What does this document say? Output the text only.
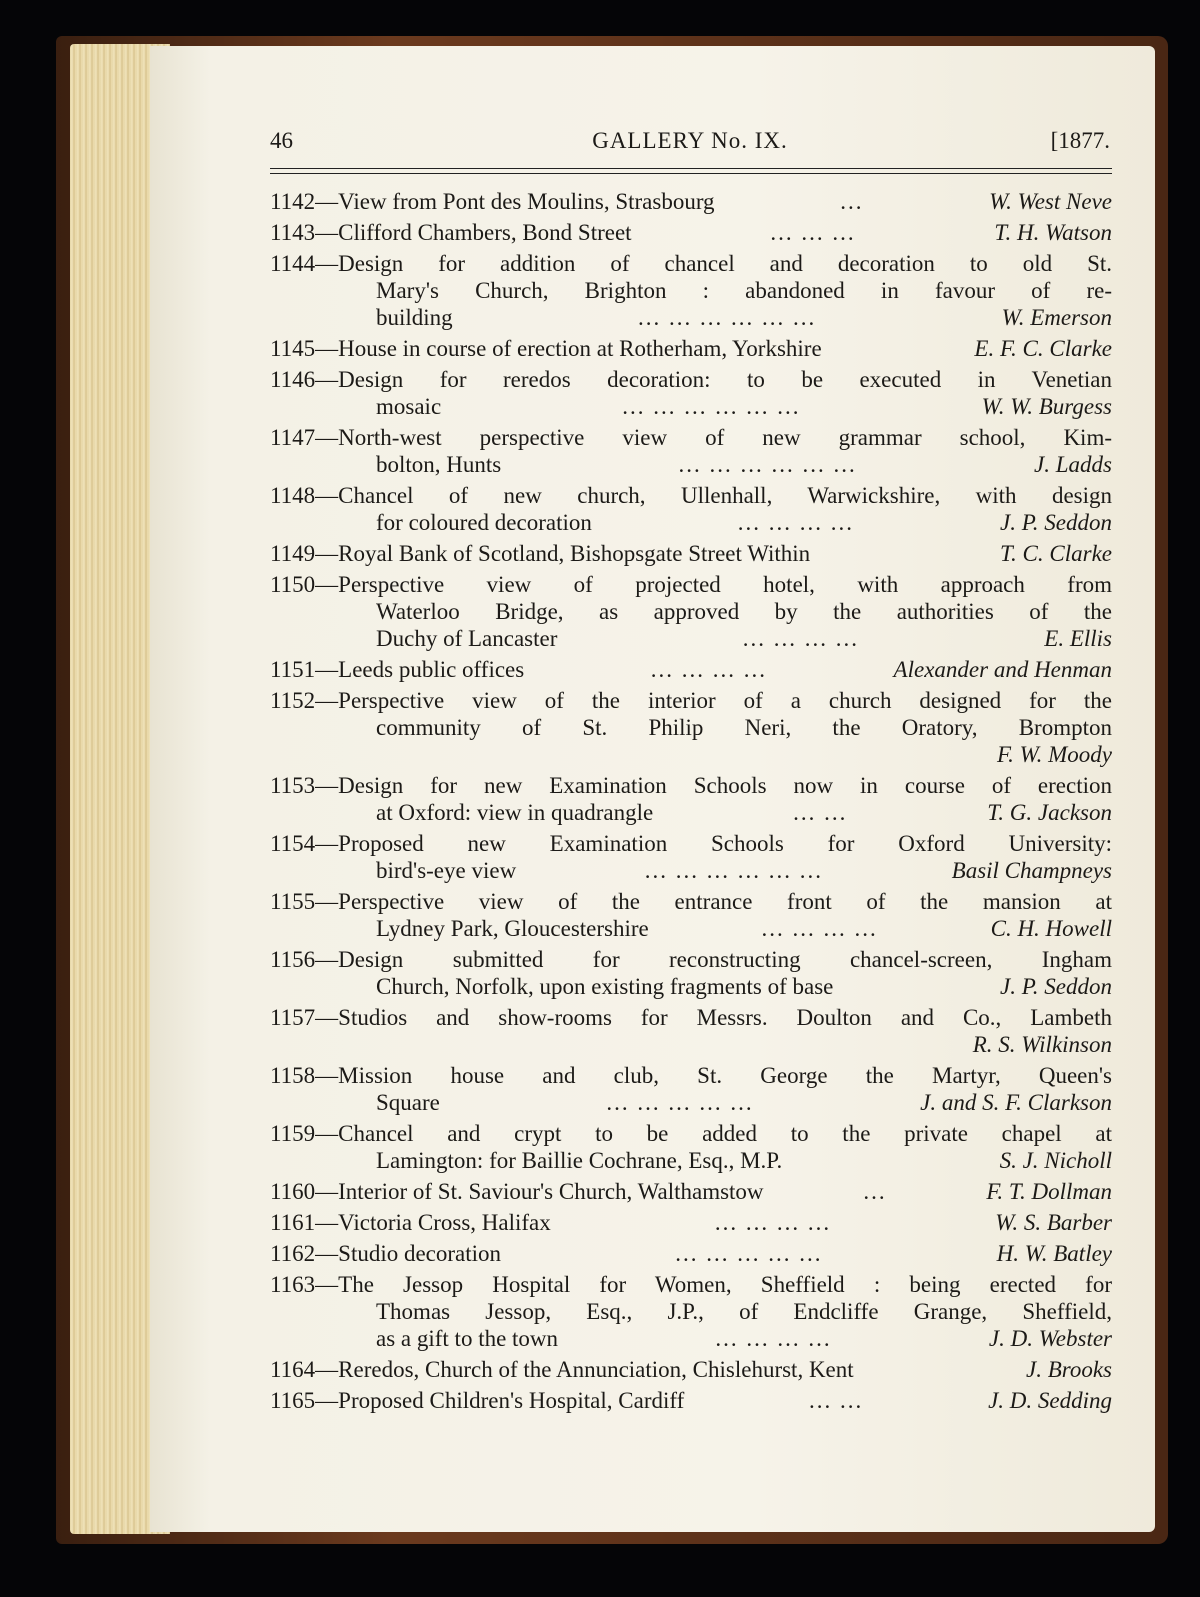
46	GALLERY No. IX.	[1877.
1142—View from Pont des Moulins, Strasbourg	...	W. West Neve
1143—Clifford Chambers, Bond Street	... ... ...	T. H. Watson
1144—Design for addition of chancel and decoration to old St.
Mary's Church, Brighton : abandoned in favour of re-
building	... ... ... ... ... ...	W. Emerson
1145—House in course of erection at Rotherham, Yorkshire	E. F. C. Clarke
1146—Design for reredos decoration: to be executed in Venetian
mosaic	... ... ... ... ... ...	W. W. Burgess
1147—North-west perspective view of new grammar school, Kim-
bolton, Hunts	... ... ... ... ... ...	J. Ladds
1148—Chancel of new church, Ullenhall, Warwickshire, with design
for coloured decoration	... ... ... ...	J. P. Seddon
1149—Royal Bank of Scotland, Bishopsgate Street Within	T. C. Clarke
1150—Perspective view of projected hotel, with approach from
Waterloo Bridge, as approved by the authorities of the
Duchy of Lancaster	... ... ... ...	E. Ellis
1151—Leeds public offices	... ... ... ...	Alexander and Henman
1152—Perspective view of the interior of a church designed for the
community of St. Philip Neri, the Oratory, Brompton
F. W. Moody
1153—Design for new Examination Schools now in course of erection
at Oxford: view in quadrangle	... ...	T. G. Jackson
1154—Proposed new Examination Schools for Oxford University:
bird's-eye view	... ... ... ... ... ...	Basil Champneys
1155—Perspective view of the entrance front of the mansion at
Lydney Park, Gloucestershire	... ... ... ...	C. H. Howell
1156—Design submitted for reconstructing chancel-screen, Ingham
Church, Norfolk, upon existing fragments of base	J. P. Seddon
1157—Studios and show-rooms for Messrs. Doulton and Co., Lambeth
R. S. Wilkinson
1158—Mission house and club, St. George the Martyr, Queen's
Square	... ... ... ... ...	J. and S. F. Clarkson
1159—Chancel and crypt to be added to the private chapel at
Lamington: for Baillie Cochrane, Esq., M.P.	S. J. Nicholl
1160—Interior of St. Saviour's Church, Walthamstow	...	F. T. Dollman
1161—Victoria Cross, Halifax	... ... ... ...	W. S. Barber
1162—Studio decoration	... ... ... ... ...	H. W. Batley
1163—The Jessop Hospital for Women, Sheffield : being erected for
Thomas Jessop, Esq., J.P., of Endcliffe Grange, Sheffield,
as a gift to the town	... ... ... ...	J. D. Webster
1164—Reredos, Church of the Annunciation, Chislehurst, Kent	J. Brooks
1165—Proposed Children's Hospital, Cardiff	... ...	J. D. Sedding
